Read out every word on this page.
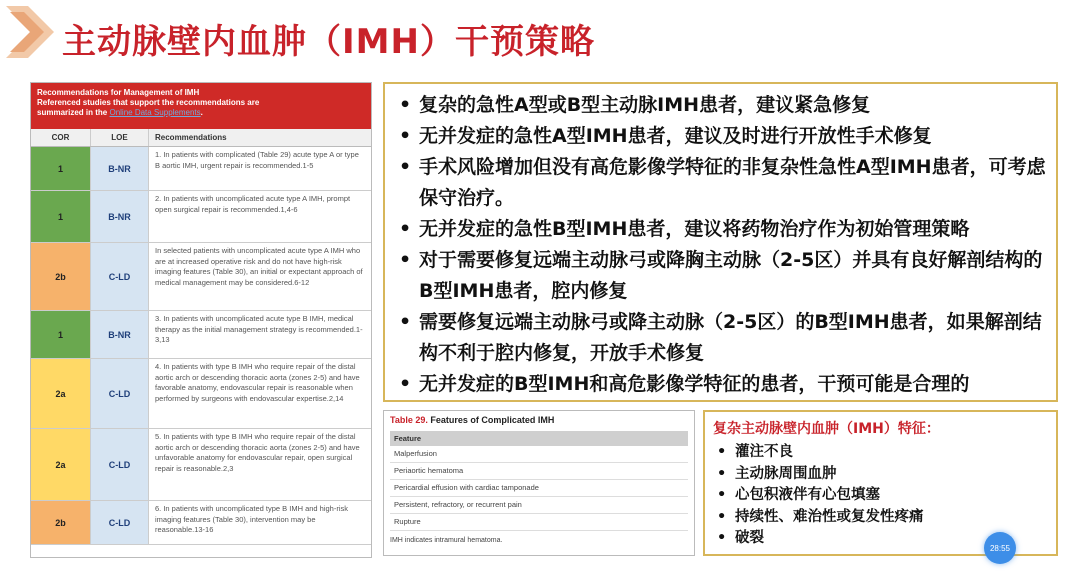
主动脉壁内血肿（IMH）干预策略
Recommendations for Management of IMH
Referenced studies that support the recommendations are
summarized in the Online Data Supplements.
COR	LOE	Recommendations
1	B-NR
1. In patients with complicated (Table 29) acute type A or type B aortic IMH, urgent repair is recommended.1-5
1	B-NR
2. In patients with uncomplicated acute type A IMH, prompt open surgical repair is recommended.1,4-6
2b	C-LD
In selected patients with uncomplicated acute type A IMH who are at increased operative risk and do not have high-risk imaging features (Table 30), an initial or expectant approach of medical management may be considered.6-12
1	B-NR
3. In patients with uncomplicated acute type B IMH, medical therapy as the initial management strategy is recommended.1-3,13
2a	C-LD
4. In patients with type B IMH who require repair of the distal aortic arch or descending thoracic aorta (zones 2-5) and have favorable anatomy, endovascular repair is reasonable when performed by surgeons with endovascular expertise.2,14
2a	C-LD
5. In patients with type B IMH who require repair of the distal aortic arch or descending thoracic aorta (zones 2-5) and have unfavorable anatomy for endovascular repair, open surgical repair is reasonable.2,3
2b	C-LD
6. In patients with uncomplicated type B IMH and high-risk imaging features (Table 30), intervention may be reasonable.13-16
• 复杂的急性A型或B型主动脉IMH患者，建议紧急修复
• 无并发症的急性A型IMH患者，建议及时进行开放性手术修复
• 手术风险增加但没有高危影像学特征的非复杂性急性A型IMH患者，可考虑保守治疗。
• 无并发症的急性B型IMH患者，建议将药物治疗作为初始管理策略
• 对于需要修复远端主动脉弓或降胸主动脉（2-5区）并具有良好解剖结构的B型IMH患者，腔内修复
• 需要修复远端主动脉弓或降主动脉（2-5区）的B型IMH患者，如果解剖结构不利于腔内修复，开放手术修复
• 无并发症的B型IMH和高危影像学特征的患者，干预可能是合理的
Table 29. Features of Complicated IMH
Feature
Malperfusion
Periaortic hematoma
Pericardial effusion with cardiac tamponade
Persistent, refractory, or recurrent pain
Rupture
IMH indicates intramural hematoma.
复杂主动脉壁内血肿（IMH）特征：
• 灌注不良
• 主动脉周围血肿
• 心包积液伴有心包填塞
• 持续性、难治性或复发性疼痛
• 破裂
28:55
